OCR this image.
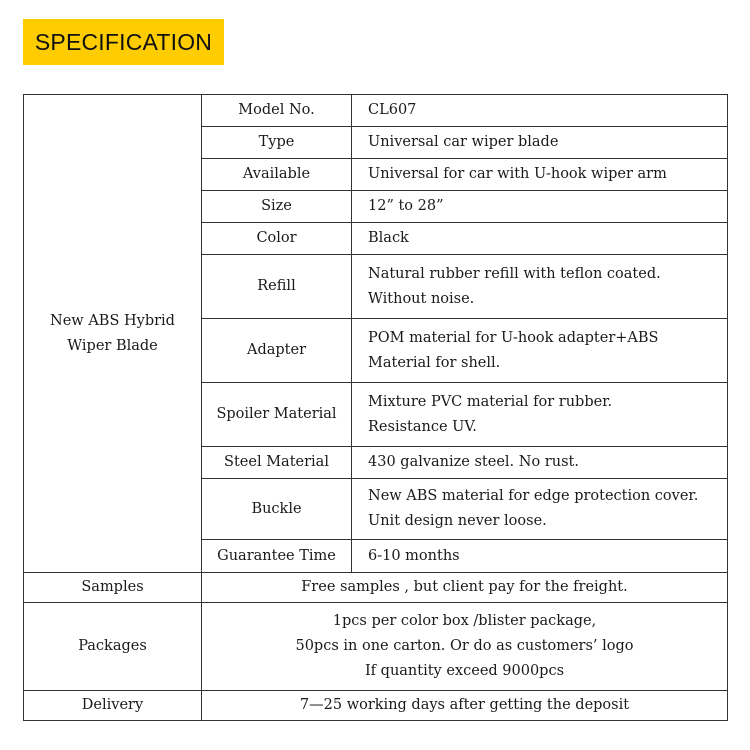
SPECIFICATION
New ABS Hybrid
Wiper Blade	Model No.	CL607

	Type	Universal car wiper blade

	Available	Universal for car with U-hook wiper arm

	Size	12” to 28”

	Color	Black

	Refill	Natural rubber refill with teflon coated.
Without noise.

	Adapter	POM material for U-hook adapter+ABS
Material for shell.

	Spoiler Material	Mixture PVC material for rubber.
Resistance UV.

	Steel Material	430 galvanize steel. No rust.

	Buckle	New ABS material for edge protection cover.
Unit design never loose.

	Guarantee Time	6-10 months

Samples	Free samples , but client pay for the freight.	
Packages	1pcs per color box /blister package,
50pcs in one carton. Or do as customers’ logo
If quantity exceed 9000pcs	

Delivery	7—25 working days after getting the deposit	
